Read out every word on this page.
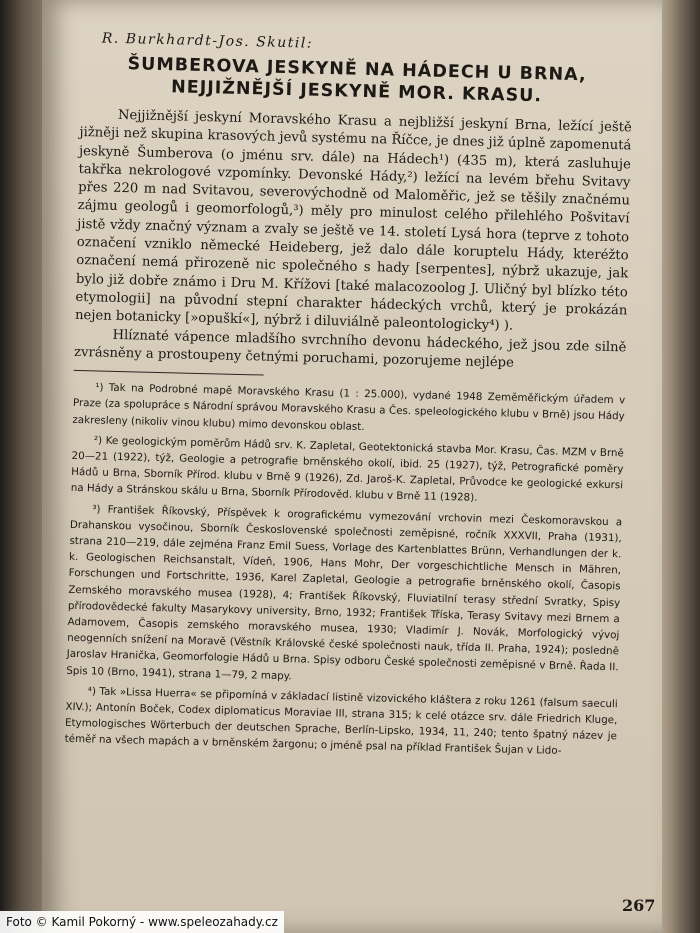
R. Burkhardt-Jos. Skutil:
ŠUMBEROVA JESKYNĚ NA HÁDECH U BRNA,
NEJJIŽNĚJŠÍ JESKYNĚ MOR. KRASU.

Nejjižnější jeskyní Moravského Krasu a nejbližší jeskyní Brna, ležící ještě jižněji než skupina krasových jevů systému na Říčce, je dnes již úplně zapomenutá jeskyně Šumberova (o jménu srv. dále) na Hádech¹) (435 m), která zasluhuje takřka nekrologové vzpomínky. Devonské Hády,²) ležící na levém břehu Svitavy přes 220 m nad Svitavou, severovýchodně od Maloměřic, jež se těšily značnému zájmu geologů i geomorfologů,³) měly pro minulost celého přilehlého Pošvitaví jistě vždy značný význam a zvaly se ještě ve 14. století Lysá hora (teprve z tohoto označení vzniklo německé Heideberg, jež dalo dále koruptelu Hády, kteréžto označení nemá přirozeně nic společného s hady [serpentes], nýbrž ukazuje, jak bylo již dobře známo i Dru M. Křížovi [také malacozoolog J. Uličný byl blízko této etymologii] na původní stepní charakter hádeckých vrchů, který je prokázán nejen botanicky [»opuškí«], nýbrž i diluviálně paleontologicky⁴) ).

Hlíznaté vápence mladšího svrchního devonu hádeckého, jež jsou zde silně zvrásněny a prostoupeny četnými poruchami, pozorujeme nejlépe

¹) Tak na Podrobné mapě Moravského Krasu (1 : 25.000), vydané 1948 Zeměměřickým úřadem v Praze (za spolupráce s Národní správou Moravského Krasu a Čes. speleologického klubu v Brně) jsou Hády zakresleny (nikoliv vinou klubu) mimo devonskou oblast.

²) Ke geologickým poměrům Hádů srv. K. Zapletal, Geotektonická stavba Mor. Krasu, Čas. MZM v Brně 20—21 (1922), týž, Geologie a petrografie brněnského okolí, ibid. 25 (1927), týž, Petrografické poměry Hádů u Brna, Sborník Přírod. klubu v Brně 9 (1926), Zd. Jaroš-K. Zapletal, Průvodce ke geologické exkursi na Hády a Stránskou skálu u Brna, Sborník Přírodověd. klubu v Brně 11 (1928).

³) František Říkovský, Příspěvek k orografickému vymezování vrchovin mezi Českomoravskou a Drahanskou vysočinou, Sborník Československé společnosti zeměpisné, ročník XXXVII, Praha (1931), strana 210—219, dále zejména Franz Emil Suess, Vorlage des Kartenblattes Brünn, Verhandlungen der k. k. Geologischen Reichsanstalt, Vídeň, 1906, Hans Mohr, Der vorgeschichtliche Mensch in Mähren, Forschungen und Fortschritte, 1936, Karel Zapletal, Geologie a petrografie brněnského okolí, Časopis Zemského moravského musea (1928), 4; František Říkovský, Fluviatilní terasy střední Svratky, Spisy přírodovědecké fakulty Masarykovy university, Brno, 1932; František Tříska, Terasy Svitavy mezi Brnem a Adamovem, Časopis zemského moravského musea, 1930; Vladimír J. Novák, Morfologický vývoj neogenních snížení na Moravě (Věstník Královské české společnosti nauk, třída II. Praha, 1924); posledně Jaroslav Hranička, Geomorfologie Hádů u Brna. Spisy odboru České společnosti zeměpisné v Brně. Řada II. Spis 10 (Brno, 1941), strana 1—79, 2 mapy.

⁴) Tak »Lissa Huerra« se připomíná v základací listině vizovického kláštera z roku 1261 (falsum saeculi XIV.); Antonín Boček, Codex diplomaticus Moraviae III, strana 315; k celé otázce srv. dále Friedrich Kluge, Etymologisches Wörterbuch der deutschen Sprache, Berlín-Lipsko, 1934, 11, 240; tento špatný název je téměř na všech mapách a v brněnském žargonu; o jméně psal na příklad František Šujan v Lido-

267
Foto © Kamil Pokorný - www.speleozahady.cz
